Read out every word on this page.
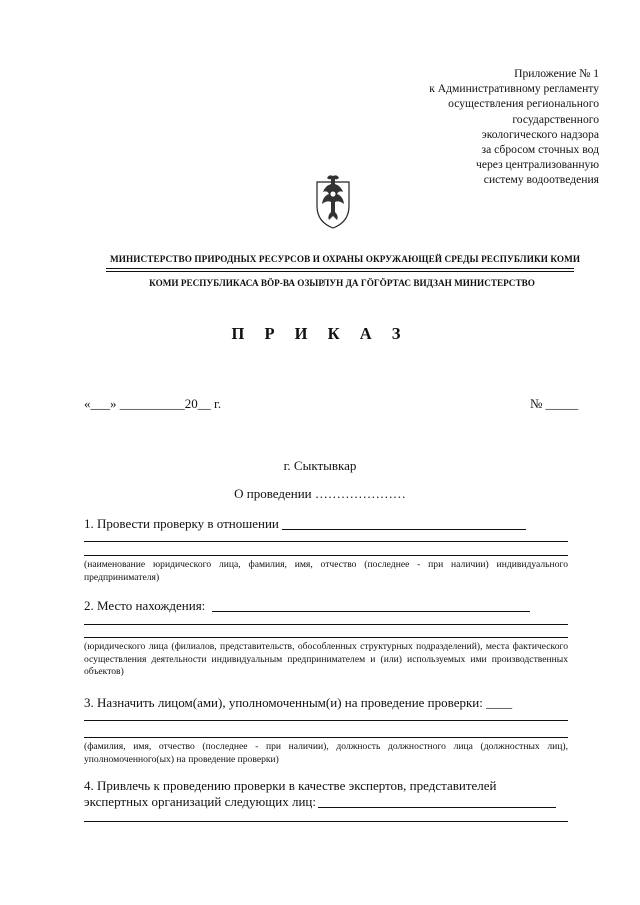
Приложение № 1
к Административному регламенту
осуществления регионального
государственного
экологического надзора
за сбросом сточных вод
через централизованную
систему водоотведения
МИНИСТЕРСТВО ПРИРОДНЫХ РЕСУРСОВ И ОХРАНЫ ОКРУЖАЮЩЕЙ СРЕДЫ РЕСПУБЛИКИ КОМИ
КОМИ РЕСПУБЛИКАСА ВÖР-ВА ОЗЫРЛУН ДА ГÖГÖРТАС ВИДЗАН МИНИСТЕРСТВО
П Р И К А З
«___» __________20__ г.	№ _____
г. Сыктывкар
О проведении …………………
1. Провести проверку в отношении
(наименование юридического лица, фамилия, имя, отчество (последнее - при наличии) индивидуального предпринимателя)
2. Место нахождения:
(юридического лица (филиалов, представительств, обособленных структурных подразделений), места фактического осуществления деятельности индивидуальным предпринимателем и (или) используемых ими производственных объектов)
3. Назначить лицом(ами), уполномоченным(и) на проведение проверки: ____
(фамилия, имя, отчество (последнее - при наличии), должность должностного лица (должностных лиц), уполномоченного(ых) на проведение проверки)
4. Привлечь к проведению проверки в качестве экспертов, представителей
экспертных организаций следующих лиц:
